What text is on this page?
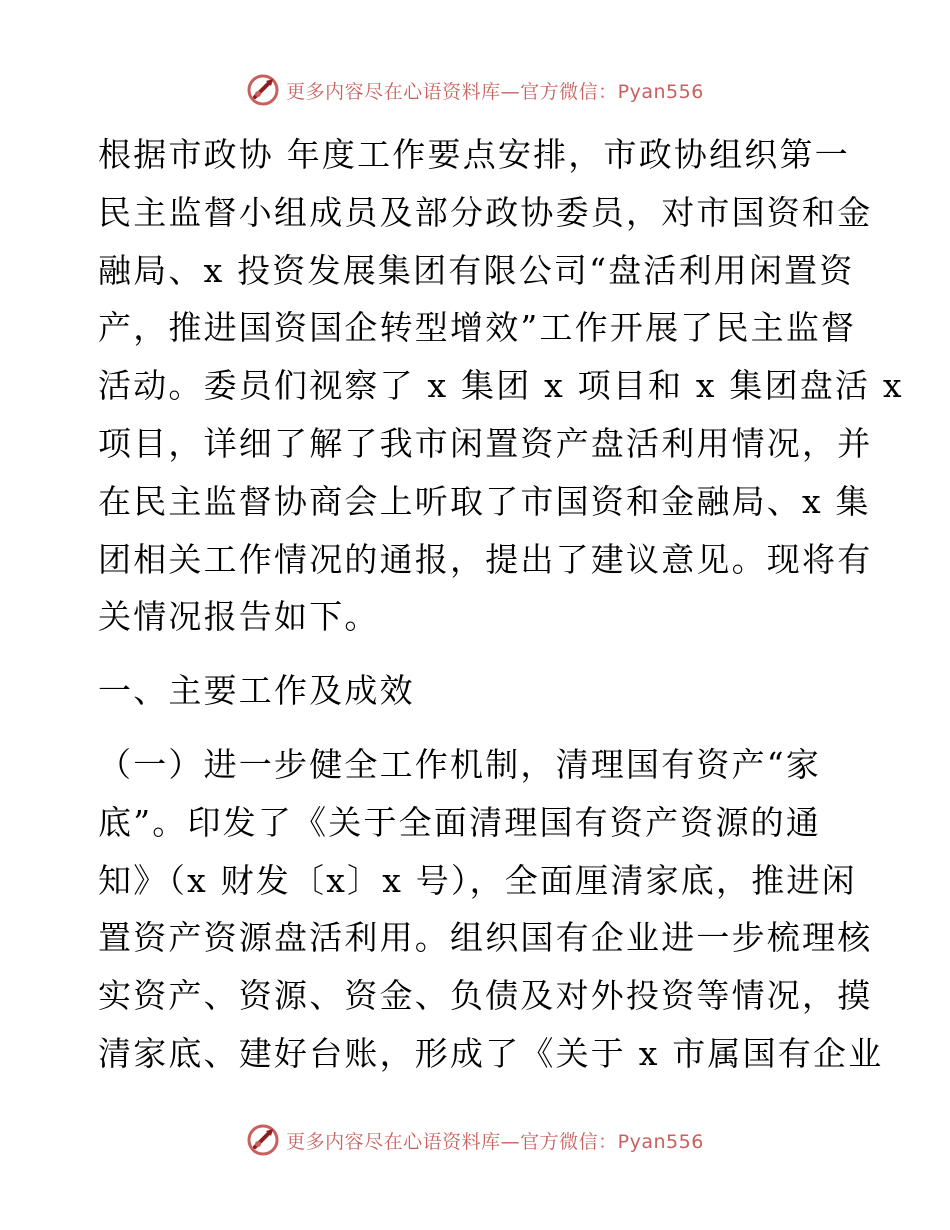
更多内容尽在心语资料库—官方微信：Pyan556
根据市政协 年度工作要点安排，市政协组织第一
民主监督小组成员及部分政协委员，对市国资和金
融局、x 投资发展集团有限公司“盘活利用闲置资
产，推进国资国企转型增效”工作开展了民主监督
活动。委员们视察了 x 集团 x 项目和 x 集团盘活 x
项目，详细了解了我市闲置资产盘活利用情况，并
在民主监督协商会上听取了市国资和金融局、x 集
团相关工作情况的通报，提出了建议意见。现将有
关情况报告如下。
一、主要工作及成效
（一）进一步健全工作机制，清理国有资产“家
底”。印发了《关于全面清理国有资产资源的通
知》（x 财发〔x〕x 号），全面厘清家底，推进闲
置资产资源盘活利用。组织国有企业进一步梳理核
实资产、资源、资金、负债及对外投资等情况，摸
清家底、建好台账，形成了《关于 x 市属国有企业
更多内容尽在心语资料库—官方微信：Pyan556
